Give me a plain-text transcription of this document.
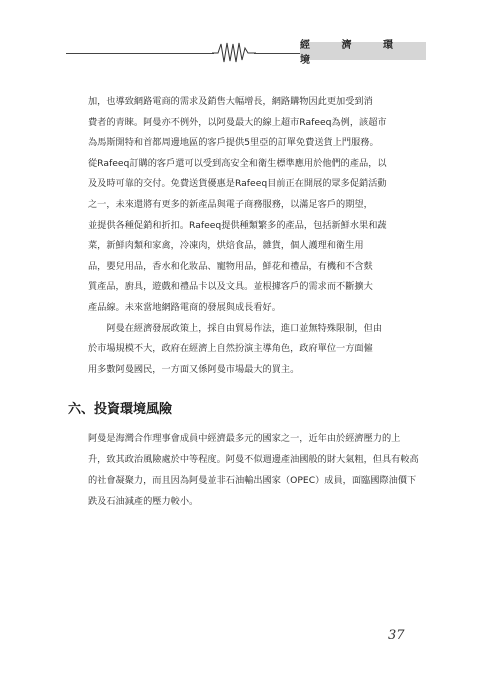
經 濟 環 境
加，也導致網路電商的需求及銷售大幅增長，網路購物因此更加受到消
費者的青睞。阿曼亦不例外，以阿曼最大的線上超市Rafeeq為例，該超市
為馬斯開特和首都周邊地區的客戶提供5里亞的訂單免費送貨上門服務。
從Rafeeq訂購的客戶還可以受到高安全和衛生標準應用於他們的產品，以
及及時可靠的交付。免費送貨優惠是Rafeeq目前正在開展的眾多促銷活動
之一，未來還將有更多的新產品與電子商務服務，以滿足客戶的期望，
並提供各種促銷和折扣。Rafeeq提供種類繁多的產品，包括新鮮水果和蔬
菜，新鮮肉類和家禽，冷凍肉，烘焙食品，雜貨，個人護理和衛生用
品，嬰兒用品，香水和化妝品、寵物用品，鮮花和禮品，有機和不含麩
質產品，廚具，遊戲和禮品卡以及文具。並根據客戶的需求而不斷擴大
產品線。未來當地網路電商的發展與成長看好。
　　阿曼在經濟發展政策上，採自由貿易作法，進口並無特殊限制，但由
於市場規模不大，政府在經濟上自然扮演主導角色，政府單位一方面僱
用多數阿曼國民，一方面又係阿曼市場最大的買主。
六、投資環境風險
阿曼是海灣合作理事會成員中經濟最多元的國家之一，近年由於經濟壓力的上
升，致其政治風險處於中等程度。阿曼不似週邊產油國般的財大氣粗，但具有較高
的社會凝聚力，而且因為阿曼並非石油輸出國家（OPEC）成員，面臨國際油價下
跌及石油減產的壓力較小。
37
